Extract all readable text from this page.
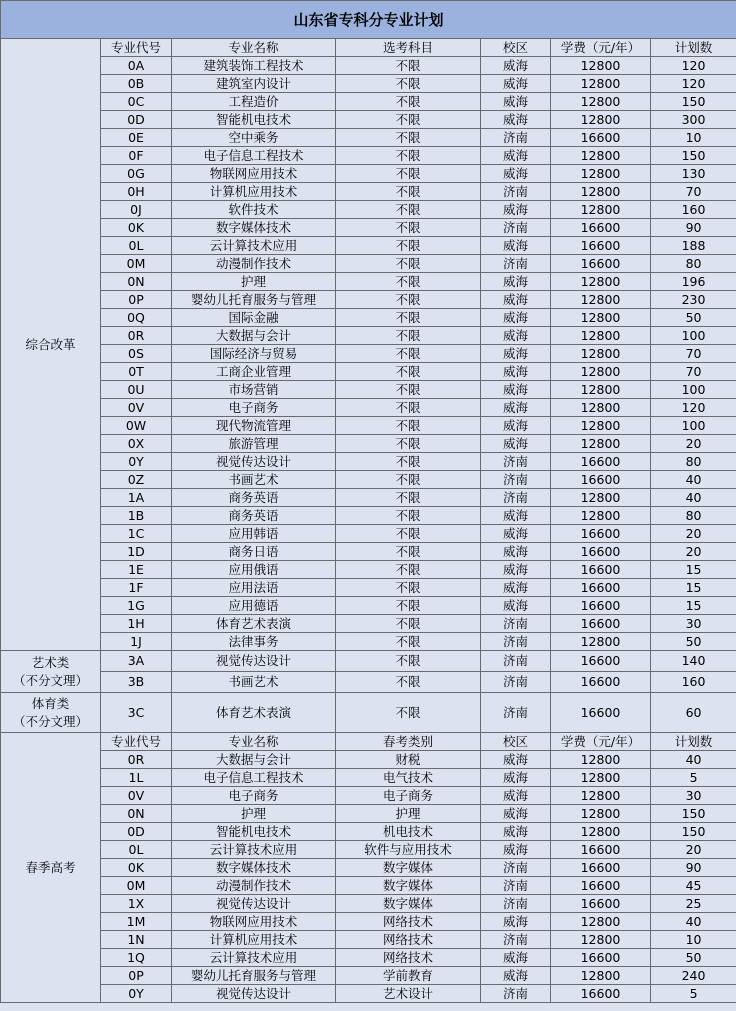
山东省专科分专业计划						

综合改革	专业代号	专业名称	选考科目	校区	学费（元/年）	计划数
	0A	建筑装饰工程技术	不限	威海	12800	120
	0B	建筑室内设计	不限	威海	12800	120
	0C	工程造价	不限	威海	12800	150
	0D	智能机电技术	不限	威海	12800	300
	0E	空中乘务	不限	济南	16600	10
	0F	电子信息工程技术	不限	威海	12800	150
	0G	物联网应用技术	不限	威海	12800	130
	0H	计算机应用技术	不限	济南	12800	70
	0J	软件技术	不限	威海	12800	160
	0K	数字媒体技术	不限	济南	16600	90
	0L	云计算技术应用	不限	威海	16600	188
	0M	动漫制作技术	不限	济南	16600	80
	0N	护理	不限	威海	12800	196
	0P	婴幼儿托育服务与管理	不限	威海	12800	230
	0Q	国际金融	不限	威海	12800	50
	0R	大数据与会计	不限	威海	12800	100
	0S	国际经济与贸易	不限	威海	12800	70
	0T	工商企业管理	不限	威海	12800	70
	0U	市场营销	不限	威海	12800	100
	0V	电子商务	不限	威海	12800	120
	0W	现代物流管理	不限	威海	12800	100
	0X	旅游管理	不限	威海	12800	20
	0Y	视觉传达设计	不限	济南	16600	80
	0Z	书画艺术	不限	济南	16600	40
	1A	商务英语	不限	济南	12800	40
	1B	商务英语	不限	威海	12800	80
	1C	应用韩语	不限	威海	16600	20
	1D	商务日语	不限	威海	16600	20
	1E	应用俄语	不限	威海	16600	15
	1F	应用法语	不限	威海	16600	15
	1G	应用德语	不限	威海	16600	15
	1H	体育艺术表演	不限	济南	16600	30
	1J	法律事务	不限	济南	12800	50

艺术类
（不分文理）	3A	视觉传达设计	不限	济南	16600	140
	3B	书画艺术	不限	济南	16600	160

体育类
（不分文理）	3C	体育艺术表演	不限	济南	16600	60

春季高考	专业代号	专业名称	春考类别	校区	学费（元/年）	计划数
	0R	大数据与会计	财税	威海	12800	40
	1L	电子信息工程技术	电气技术	威海	12800	5
	0V	电子商务	电子商务	威海	12800	30
	0N	护理	护理	威海	12800	150
	0D	智能机电技术	机电技术	威海	12800	150
	0L	云计算技术应用	软件与应用技术	威海	16600	20
	0K	数字媒体技术	数字媒体	济南	16600	90
	0M	动漫制作技术	数字媒体	济南	16600	45
	1X	视觉传达设计	数字媒体	济南	16600	25
	1M	物联网应用技术	网络技术	威海	12800	40
	1N	计算机应用技术	网络技术	济南	12800	10
	1Q	云计算技术应用	网络技术	威海	16600	50
	0P	婴幼儿托育服务与管理	学前教育	威海	12800	240
	0Y	视觉传达设计	艺术设计	济南	16600	5
